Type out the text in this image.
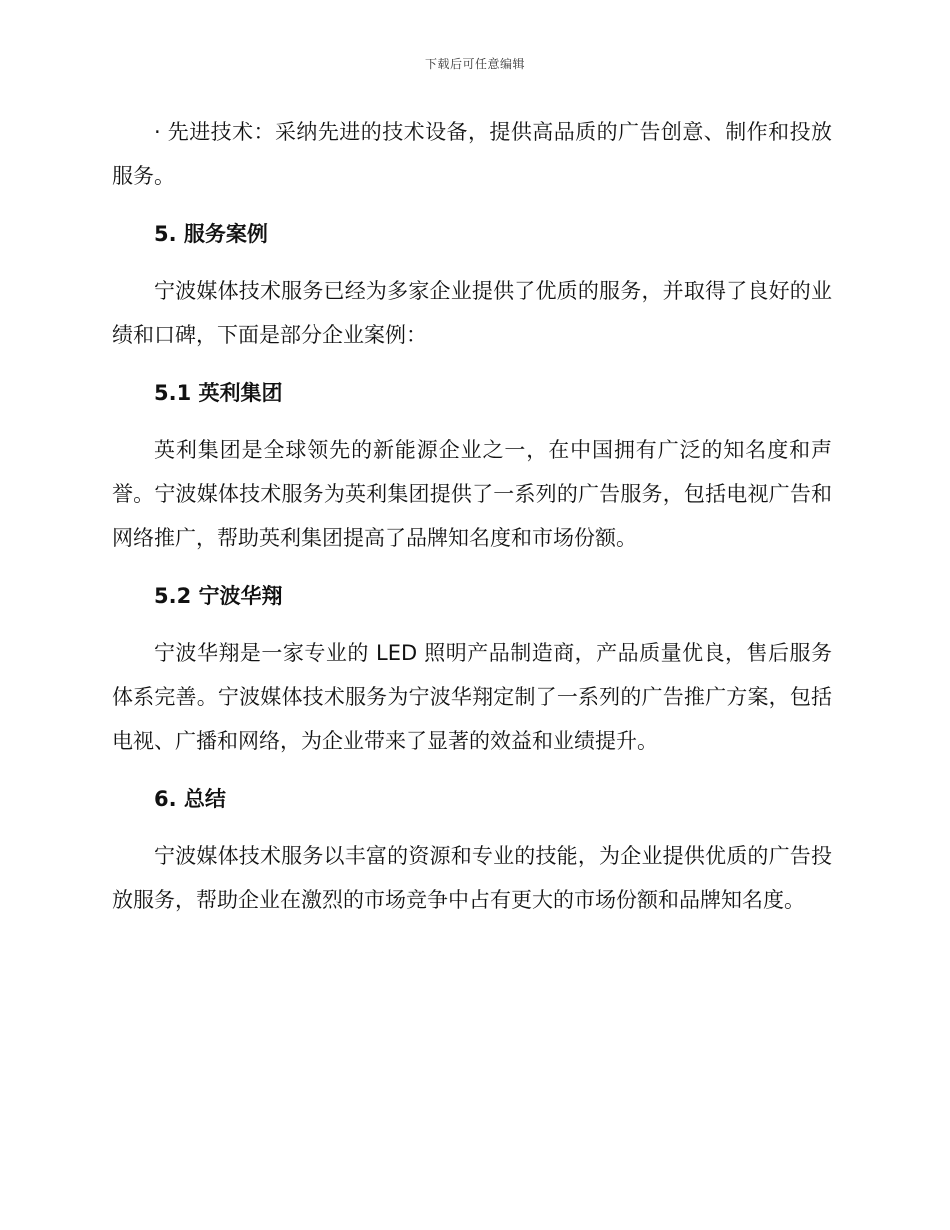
下载后可任意编辑

· 先进技术：采纳先进的技术设备，提供高品质的广告创意、制作和投放服务。

5. 服务案例

宁波媒体技术服务已经为多家企业提供了优质的服务，并取得了良好的业绩和口碑，下面是部分企业案例：

5.1 英利集团

英利集团是全球领先的新能源企业之一，在中国拥有广泛的知名度和声誉。宁波媒体技术服务为英利集团提供了一系列的广告服务，包括电视广告和网络推广，帮助英利集团提高了品牌知名度和市场份额。

5.2 宁波华翔

宁波华翔是一家专业的 LED 照明产品制造商，产品质量优良，售后服务体系完善。宁波媒体技术服务为宁波华翔定制了一系列的广告推广方案，包括电视、广播和网络，为企业带来了显著的效益和业绩提升。

6. 总结

宁波媒体技术服务以丰富的资源和专业的技能，为企业提供优质的广告投放服务，帮助企业在激烈的市场竞争中占有更大的市场份额和品牌知名度。
